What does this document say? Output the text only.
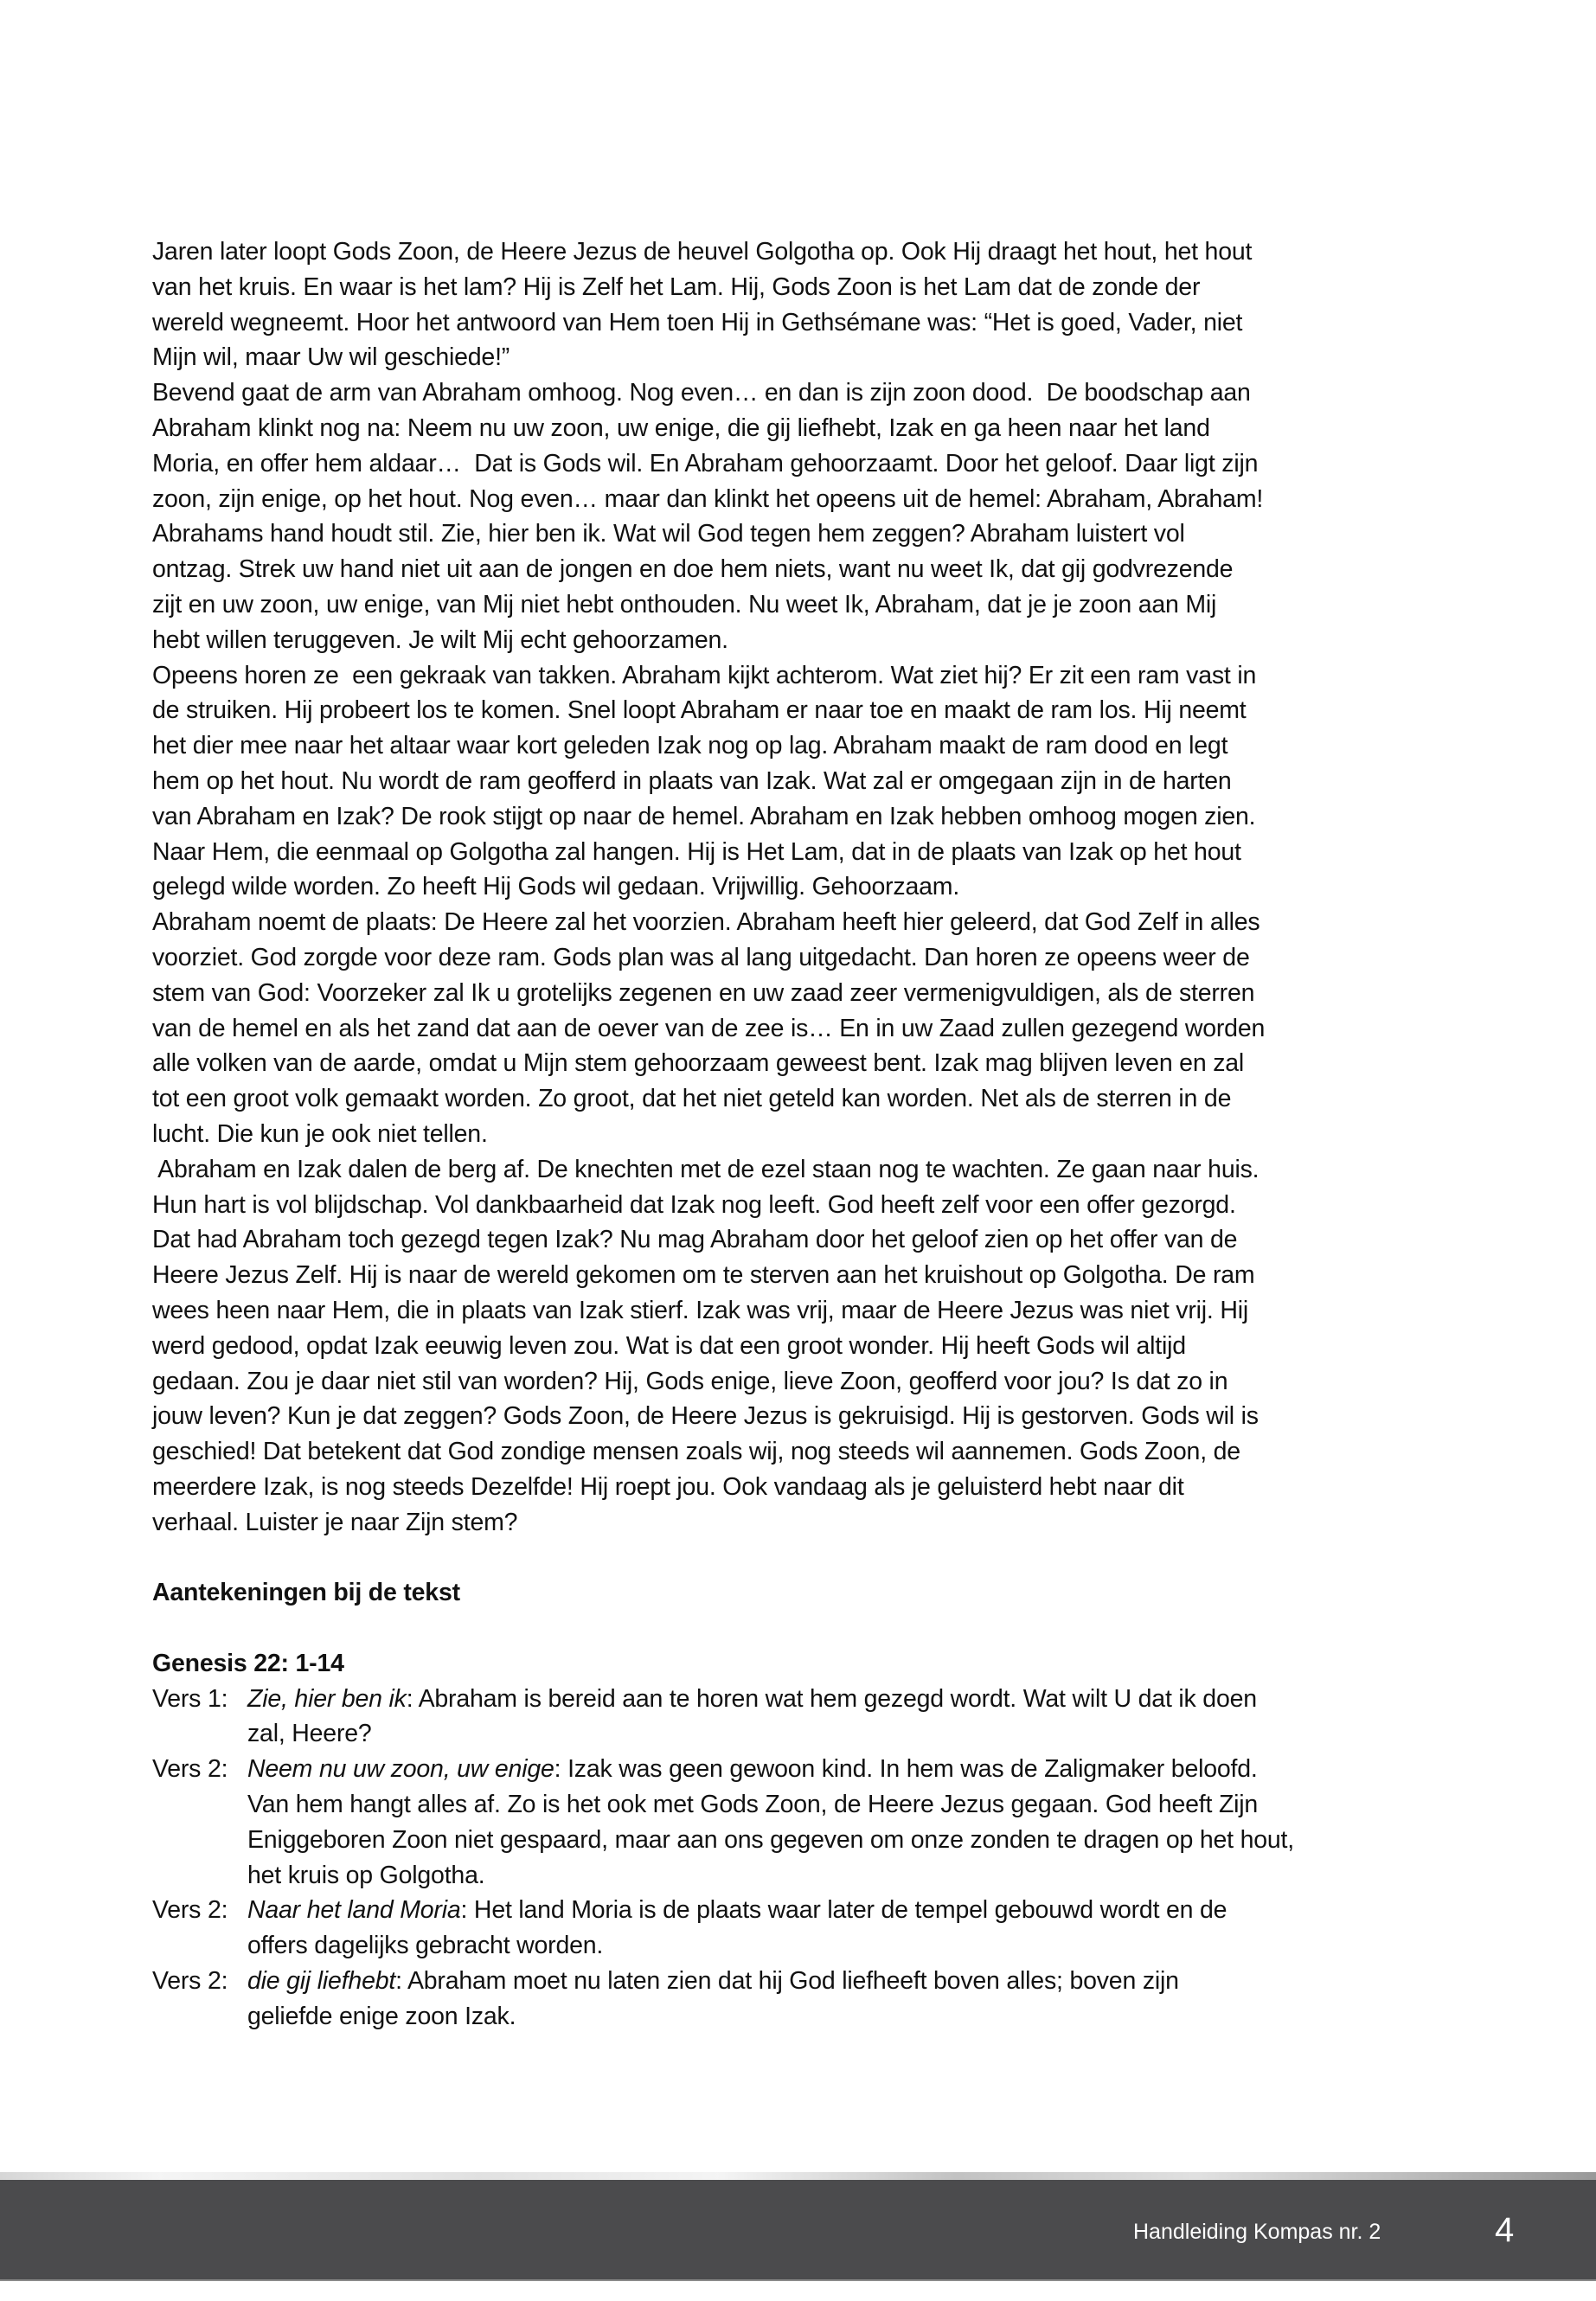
Jaren later loopt Gods Zoon, de Heere Jezus de heuvel Golgotha op. Ook Hij draagt het hout, het hout
van het kruis. En waar is het lam? Hij is Zelf het Lam. Hij, Gods Zoon is het Lam dat de zonde der
wereld wegneemt. Hoor het antwoord van Hem toen Hij in Gethsémane was: “Het is goed, Vader, niet
Mijn wil, maar Uw wil geschiede!”
Bevend gaat de arm van Abraham omhoog. Nog even… en dan is zijn zoon dood.  De boodschap aan
Abraham klinkt nog na: Neem nu uw zoon, uw enige, die gij liefhebt, Izak en ga heen naar het land
Moria, en offer hem aldaar…  Dat is Gods wil. En Abraham gehoorzaamt. Door het geloof. Daar ligt zijn
zoon, zijn enige, op het hout. Nog even… maar dan klinkt het opeens uit de hemel: Abraham, Abraham!
Abrahams hand houdt stil. Zie, hier ben ik. Wat wil God tegen hem zeggen? Abraham luistert vol
ontzag. Strek uw hand niet uit aan de jongen en doe hem niets, want nu weet Ik, dat gij godvrezende
zijt en uw zoon, uw enige, van Mij niet hebt onthouden. Nu weet Ik, Abraham, dat je je zoon aan Mij
hebt willen teruggeven. Je wilt Mij echt gehoorzamen.
Opeens horen ze  een gekraak van takken. Abraham kijkt achterom. Wat ziet hij? Er zit een ram vast in
de struiken. Hij probeert los te komen. Snel loopt Abraham er naar toe en maakt de ram los. Hij neemt
het dier mee naar het altaar waar kort geleden Izak nog op lag. Abraham maakt de ram dood en legt
hem op het hout. Nu wordt de ram geofferd in plaats van Izak. Wat zal er omgegaan zijn in de harten
van Abraham en Izak? De rook stijgt op naar de hemel. Abraham en Izak hebben omhoog mogen zien.
Naar Hem, die eenmaal op Golgotha zal hangen. Hij is Het Lam, dat in de plaats van Izak op het hout
gelegd wilde worden. Zo heeft Hij Gods wil gedaan. Vrijwillig. Gehoorzaam.
Abraham noemt de plaats: De Heere zal het voorzien. Abraham heeft hier geleerd, dat God Zelf in alles
voorziet. God zorgde voor deze ram. Gods plan was al lang uitgedacht. Dan horen ze opeens weer de
stem van God: Voorzeker zal Ik u grotelijks zegenen en uw zaad zeer vermenigvuldigen, als de sterren
van de hemel en als het zand dat aan de oever van de zee is… En in uw Zaad zullen gezegend worden
alle volken van de aarde, omdat u Mijn stem gehoorzaam geweest bent. Izak mag blijven leven en zal
tot een groot volk gemaakt worden. Zo groot, dat het niet geteld kan worden. Net als de sterren in de
lucht. Die kun je ook niet tellen.
Abraham en Izak dalen de berg af. De knechten met de ezel staan nog te wachten. Ze gaan naar huis.
Hun hart is vol blijdschap. Vol dankbaarheid dat Izak nog leeft. God heeft zelf voor een offer gezorgd.
Dat had Abraham toch gezegd tegen Izak? Nu mag Abraham door het geloof zien op het offer van de
Heere Jezus Zelf. Hij is naar de wereld gekomen om te sterven aan het kruishout op Golgotha. De ram
wees heen naar Hem, die in plaats van Izak stierf. Izak was vrij, maar de Heere Jezus was niet vrij. Hij
werd gedood, opdat Izak eeuwig leven zou. Wat is dat een groot wonder. Hij heeft Gods wil altijd
gedaan. Zou je daar niet stil van worden? Hij, Gods enige, lieve Zoon, geofferd voor jou? Is dat zo in
jouw leven? Kun je dat zeggen? Gods Zoon, de Heere Jezus is gekruisigd. Hij is gestorven. Gods wil is
geschied! Dat betekent dat God zondige mensen zoals wij, nog steeds wil aannemen. Gods Zoon, de
meerdere Izak, is nog steeds Dezelfde! Hij roept jou. Ook vandaag als je geluisterd hebt naar dit
verhaal. Luister je naar Zijn stem?
Aantekeningen bij de tekst
Genesis 22: 1-14
Vers 1: Zie, hier ben ik: Abraham is bereid aan te horen wat hem gezegd wordt. Wat wilt U dat ik doen
zal, Heere?
Vers 2: Neem nu uw zoon, uw enige: Izak was geen gewoon kind. In hem was de Zaligmaker beloofd.
Van hem hangt alles af. Zo is het ook met Gods Zoon, de Heere Jezus gegaan. God heeft Zijn
Eniggeboren Zoon niet gespaard, maar aan ons gegeven om onze zonden te dragen op het hout,
het kruis op Golgotha.
Vers 2: Naar het land Moria: Het land Moria is de plaats waar later de tempel gebouwd wordt en de
offers dagelijks gebracht worden.
Vers 2: die gij liefhebt: Abraham moet nu laten zien dat hij God liefheeft boven alles; boven zijn
geliefde enige zoon Izak.
Handleiding Kompas nr. 2	4
